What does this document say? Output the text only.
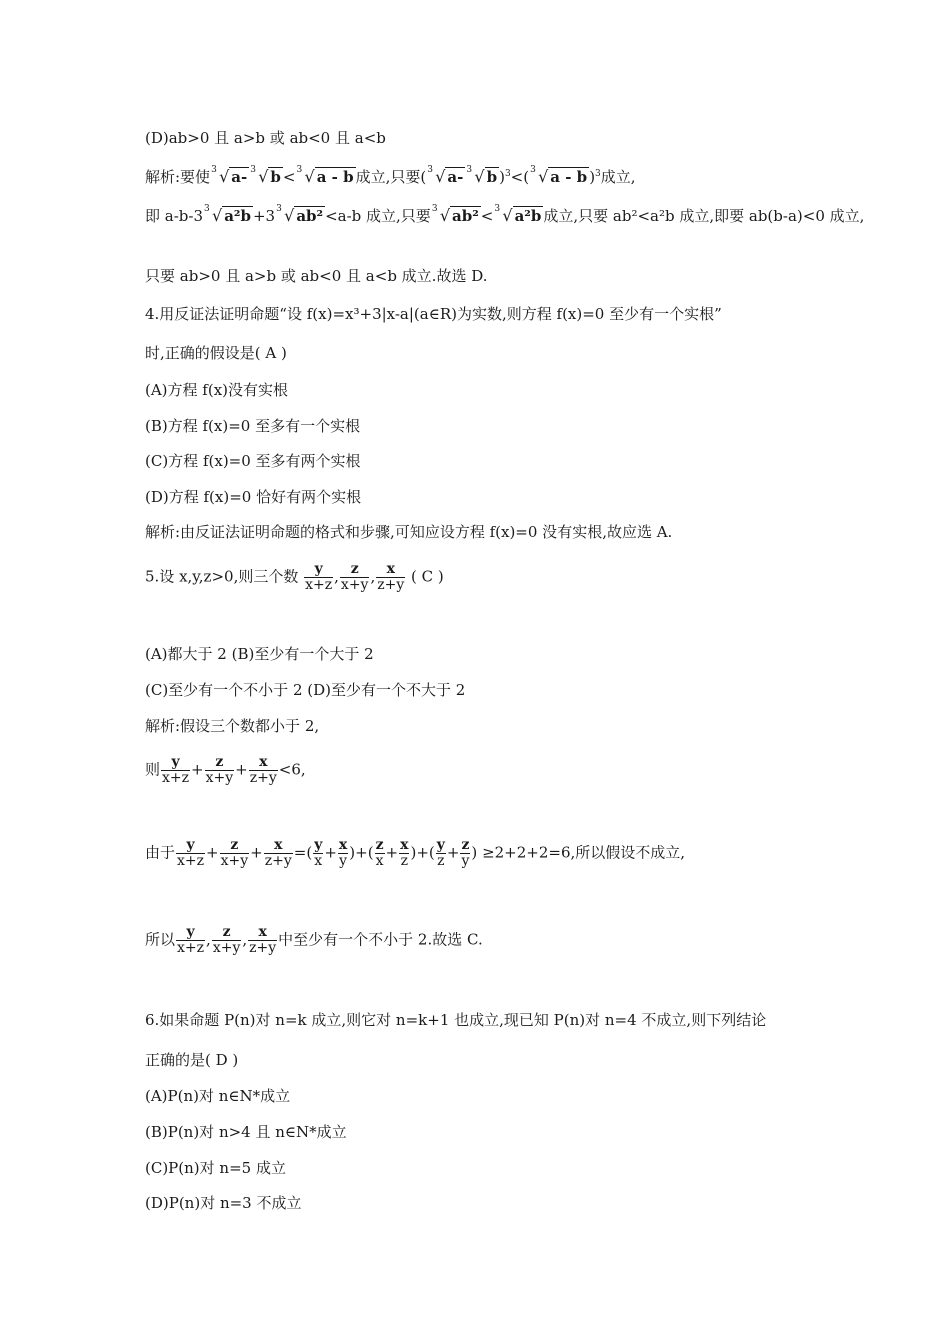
(D)ab>0 且 a>b 或 ab<0 且 a<b
解析:要使 3 √ a- 3 √ b < 3 √ a - b 成立,只要( 3 √ a- 3 √ b )$^3$<( 3 √ a - b )$^3$成立,
即 a-b-3 3 √ a²b +3 3 √ ab² <a-b 成立,只要 3 √ ab² < 3 √ a²b 成立,只要 ab²<a²b 成立,即要 ab(b-a)<0 成立,
只要 ab>0 且 a>b 或 ab<0 且 a<b 成立.故选 D.
4.用反证法证明命题“设 f(x)=x³+3|x-a|(a∈R)为实数,则方程 f(x)=0 至少有一个实根”
时,正确的假设是( A )
(A)方程 f(x)没有实根
(B)方程 f(x)=0 至多有一个实根
(C)方程 f(x)=0 至多有两个实根
(D)方程 f(x)=0 恰好有两个实根
解析:由反证法证明命题的格式和步骤,可知应设方程 f(x)=0 没有实根,故应选 A.
5.设 x,y,z>0,则三个数 $\frac{y}{x+z}$ , $\frac{z}{x+y}$ , $\frac{x}{z+y}$ ( C )
(A)都大于 2 (B)至少有一个大于 2
(C)至少有一个不小于 2 (D)至少有一个不大于 2
解析:假设三个数都小于 2,
则 $\frac{y}{x+z} + \frac{z}{x+y} + \frac{x}{z+y} <6$,
由于 $\frac{y}{x+z} + \frac{z}{x+y} + \frac{x}{z+y}$ =( $\frac{y}{x} + \frac{x}{y}$ )+( $\frac{z}{x} + \frac{x}{z}$ )+( $\frac{y}{z} + \frac{z}{y}$ ) ≥2+2+2=6,所以假设不成立,
所以 $\frac{y}{x+z}$ , $\frac{z}{x+y}$ , $\frac{x}{z+y}$ 中至少有一个不小于 2.故选 C.
6.如果命题 P(n)对 n=k 成立,则它对 n=k+1 也成立,现已知 P(n)对 n=4 不成立,则下列结论
正确的是( D )
(A)P(n)对 n∈N*成立
(B)P(n)对 n>4 且 n∈N*成立
(C)P(n)对 n=5 成立
(D)P(n)对 n=3 不成立
